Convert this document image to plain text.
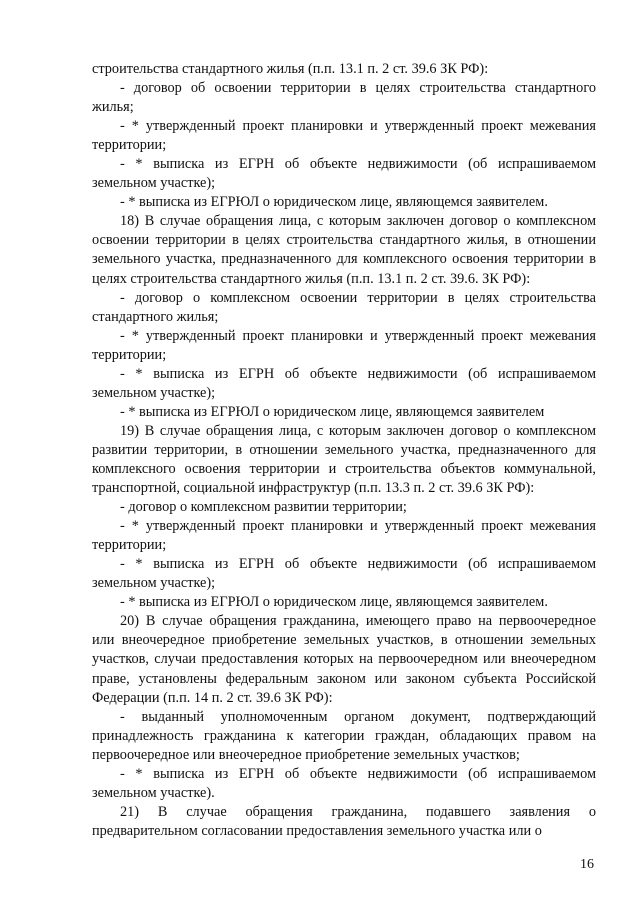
строительства стандартного жилья (п.п. 13.1 п. 2 ст. 39.6 ЗК РФ):

- договор об освоении территории в целях строительства стандартного жилья;

- * утвержденный проект планировки и утвержденный проект межевания территории;

- * выписка из ЕГРН об объекте недвижимости (об испрашиваемом земельном участке);

- * выписка из ЕГРЮЛ о юридическом лице, являющемся заявителем.

18) В случае обращения лица, с которым заключен договор о комплексном освоении территории в целях строительства стандартного жилья, в отношении земельного участка, предназначенного для комплексного освоения территории в целях строительства стандартного жилья (п.п. 13.1 п. 2 ст. 39.6. ЗК РФ):

- договор о комплексном освоении территории в целях строительства стандартного жилья;

- * утвержденный проект планировки и утвержденный проект межевания территории;

- * выписка из ЕГРН об объекте недвижимости (об испрашиваемом земельном участке);

- * выписка из ЕГРЮЛ о юридическом лице, являющемся заявителем

19) В случае обращения лица, с которым заключен договор о комплексном развитии территории, в отношении земельного участка, предназначенного для комплексного освоения территории и строительства объектов коммунальной, транспортной, социальной инфраструктур (п.п. 13.3 п. 2 ст. 39.6 ЗК РФ):

- договор о комплексном развитии территории;

- * утвержденный проект планировки и утвержденный проект межевания территории;

- * выписка из ЕГРН об объекте недвижимости (об испрашиваемом земельном участке);

- * выписка из ЕГРЮЛ о юридическом лице, являющемся заявителем.

20) В случае обращения гражданина, имеющего право на первоочередное или внеочередное приобретение земельных участков, в отношении земельных участков, случаи предоставления которых на первоочередном или внеочередном праве, установлены федеральным законом или законом субъекта Российской Федерации (п.п. 14 п. 2 ст. 39.6 ЗК РФ):

- выданный уполномоченным органом документ, подтверждающий принадлежность гражданина к категории граждан, обладающих правом на первоочередное или внеочередное приобретение земельных участков;

- * выписка из ЕГРН об объекте недвижимости (об испрашиваемом земельном участке).

21) В случае обращения гражданина, подавшего заявления о предварительном согласовании предоставления земельного участка или о

16
